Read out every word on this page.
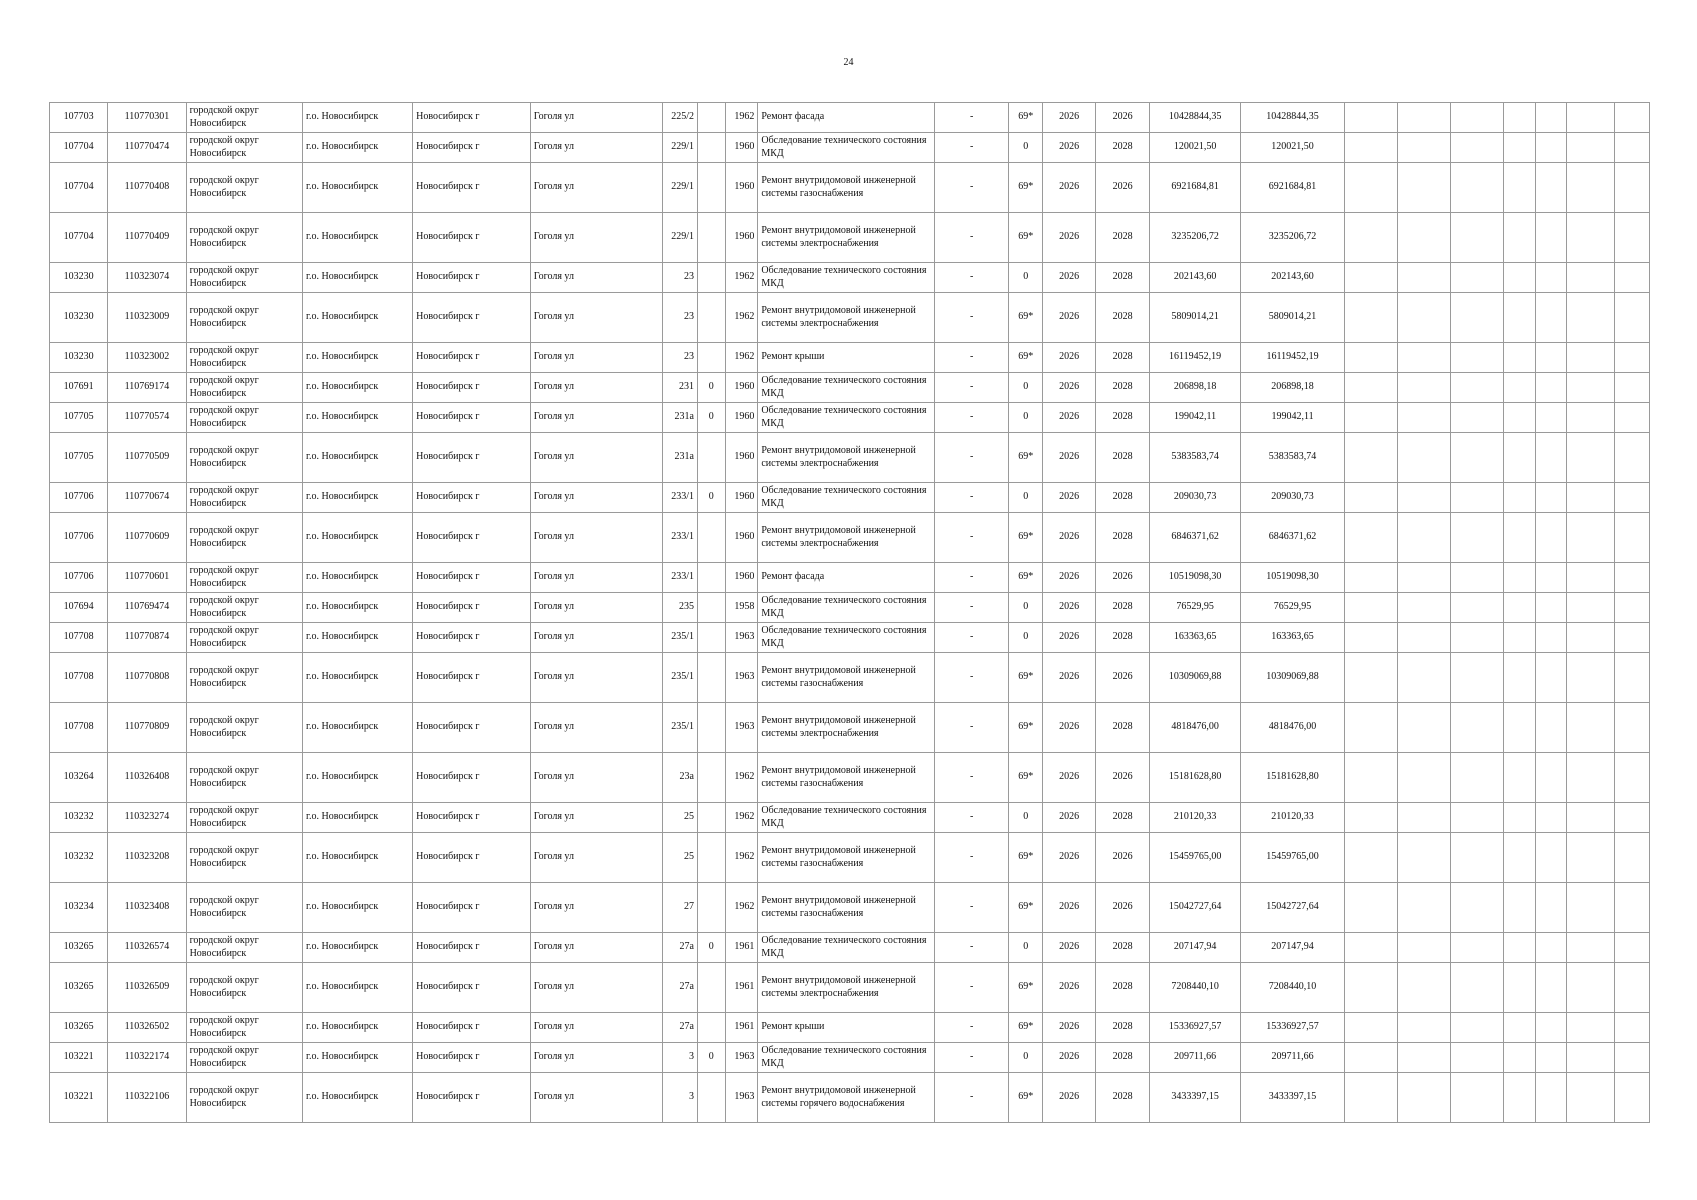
24
107703	110770301	городской округ Новосибирск	г.о. Новосибирск	Новосибирск г	Гоголя ул	225/2		1962	Ремонт фасада	-	69*	2026	2026	10428844,35	10428844,35							
107704	110770474	городской округ Новосибирск	г.о. Новосибирск	Новосибирск г	Гоголя ул	229/1		1960	Обследование технического состояния МКД	-	0	2026	2028	120021,50	120021,50							
107704	110770408	городской округ Новосибирск	г.о. Новосибирск	Новосибирск г	Гоголя ул	229/1		1960	Ремонт внутридомовой инженерной системы газоснабжения	-	69*	2026	2026	6921684,81	6921684,81							
107704	110770409	городской округ Новосибирск	г.о. Новосибирск	Новосибирск г	Гоголя ул	229/1		1960	Ремонт внутридомовой инженерной системы электроснабжения	-	69*	2026	2028	3235206,72	3235206,72							
103230	110323074	городской округ Новосибирск	г.о. Новосибирск	Новосибирск г	Гоголя ул	23		1962	Обследование технического состояния МКД	-	0	2026	2028	202143,60	202143,60							
103230	110323009	городской округ Новосибирск	г.о. Новосибирск	Новосибирск г	Гоголя ул	23		1962	Ремонт внутридомовой инженерной системы электроснабжения	-	69*	2026	2028	5809014,21	5809014,21							
103230	110323002	городской округ Новосибирск	г.о. Новосибирск	Новосибирск г	Гоголя ул	23		1962	Ремонт крыши	-	69*	2026	2028	16119452,19	16119452,19							
107691	110769174	городской округ Новосибирск	г.о. Новосибирск	Новосибирск г	Гоголя ул	231	0	1960	Обследование технического состояния МКД	-	0	2026	2028	206898,18	206898,18							
107705	110770574	городской округ Новосибирск	г.о. Новосибирск	Новосибирск г	Гоголя ул	231а	0	1960	Обследование технического состояния МКД	-	0	2026	2028	199042,11	199042,11							
107705	110770509	городской округ Новосибирск	г.о. Новосибирск	Новосибирск г	Гоголя ул	231а		1960	Ремонт внутридомовой инженерной системы электроснабжения	-	69*	2026	2028	5383583,74	5383583,74							
107706	110770674	городской округ Новосибирск	г.о. Новосибирск	Новосибирск г	Гоголя ул	233/1	0	1960	Обследование технического состояния МКД	-	0	2026	2028	209030,73	209030,73							
107706	110770609	городской округ Новосибирск	г.о. Новосибирск	Новосибирск г	Гоголя ул	233/1		1960	Ремонт внутридомовой инженерной системы электроснабжения	-	69*	2026	2028	6846371,62	6846371,62							
107706	110770601	городской округ Новосибирск	г.о. Новосибирск	Новосибирск г	Гоголя ул	233/1		1960	Ремонт фасада	-	69*	2026	2026	10519098,30	10519098,30							
107694	110769474	городской округ Новосибирск	г.о. Новосибирск	Новосибирск г	Гоголя ул	235		1958	Обследование технического состояния МКД	-	0	2026	2028	76529,95	76529,95							
107708	110770874	городской округ Новосибирск	г.о. Новосибирск	Новосибирск г	Гоголя ул	235/1		1963	Обследование технического состояния МКД	-	0	2026	2028	163363,65	163363,65							
107708	110770808	городской округ Новосибирск	г.о. Новосибирск	Новосибирск г	Гоголя ул	235/1		1963	Ремонт внутридомовой инженерной системы газоснабжения	-	69*	2026	2026	10309069,88	10309069,88							
107708	110770809	городской округ Новосибирск	г.о. Новосибирск	Новосибирск г	Гоголя ул	235/1		1963	Ремонт внутридомовой инженерной системы электроснабжения	-	69*	2026	2028	4818476,00	4818476,00							
103264	110326408	городской округ Новосибирск	г.о. Новосибирск	Новосибирск г	Гоголя ул	23а		1962	Ремонт внутридомовой инженерной системы газоснабжения	-	69*	2026	2026	15181628,80	15181628,80							
103232	110323274	городской округ Новосибирск	г.о. Новосибирск	Новосибирск г	Гоголя ул	25		1962	Обследование технического состояния МКД	-	0	2026	2028	210120,33	210120,33							
103232	110323208	городской округ Новосибирск	г.о. Новосибирск	Новосибирск г	Гоголя ул	25		1962	Ремонт внутридомовой инженерной системы газоснабжения	-	69*	2026	2026	15459765,00	15459765,00							
103234	110323408	городской округ Новосибирск	г.о. Новосибирск	Новосибирск г	Гоголя ул	27		1962	Ремонт внутридомовой инженерной системы газоснабжения	-	69*	2026	2026	15042727,64	15042727,64							
103265	110326574	городской округ Новосибирск	г.о. Новосибирск	Новосибирск г	Гоголя ул	27а	0	1961	Обследование технического состояния МКД	-	0	2026	2028	207147,94	207147,94							
103265	110326509	городской округ Новосибирск	г.о. Новосибирск	Новосибирск г	Гоголя ул	27а		1961	Ремонт внутридомовой инженерной системы электроснабжения	-	69*	2026	2028	7208440,10	7208440,10							
103265	110326502	городской округ Новосибирск	г.о. Новосибирск	Новосибирск г	Гоголя ул	27а		1961	Ремонт крыши	-	69*	2026	2028	15336927,57	15336927,57							
103221	110322174	городской округ Новосибирск	г.о. Новосибирск	Новосибирск г	Гоголя ул	3	0	1963	Обследование технического состояния МКД	-	0	2026	2028	209711,66	209711,66							
103221	110322106	городской округ Новосибирск	г.о. Новосибирск	Новосибирск г	Гоголя ул	3		1963	Ремонт внутридомовой инженерной системы горячего водоснабжения	-	69*	2026	2028	3433397,15	3433397,15							
